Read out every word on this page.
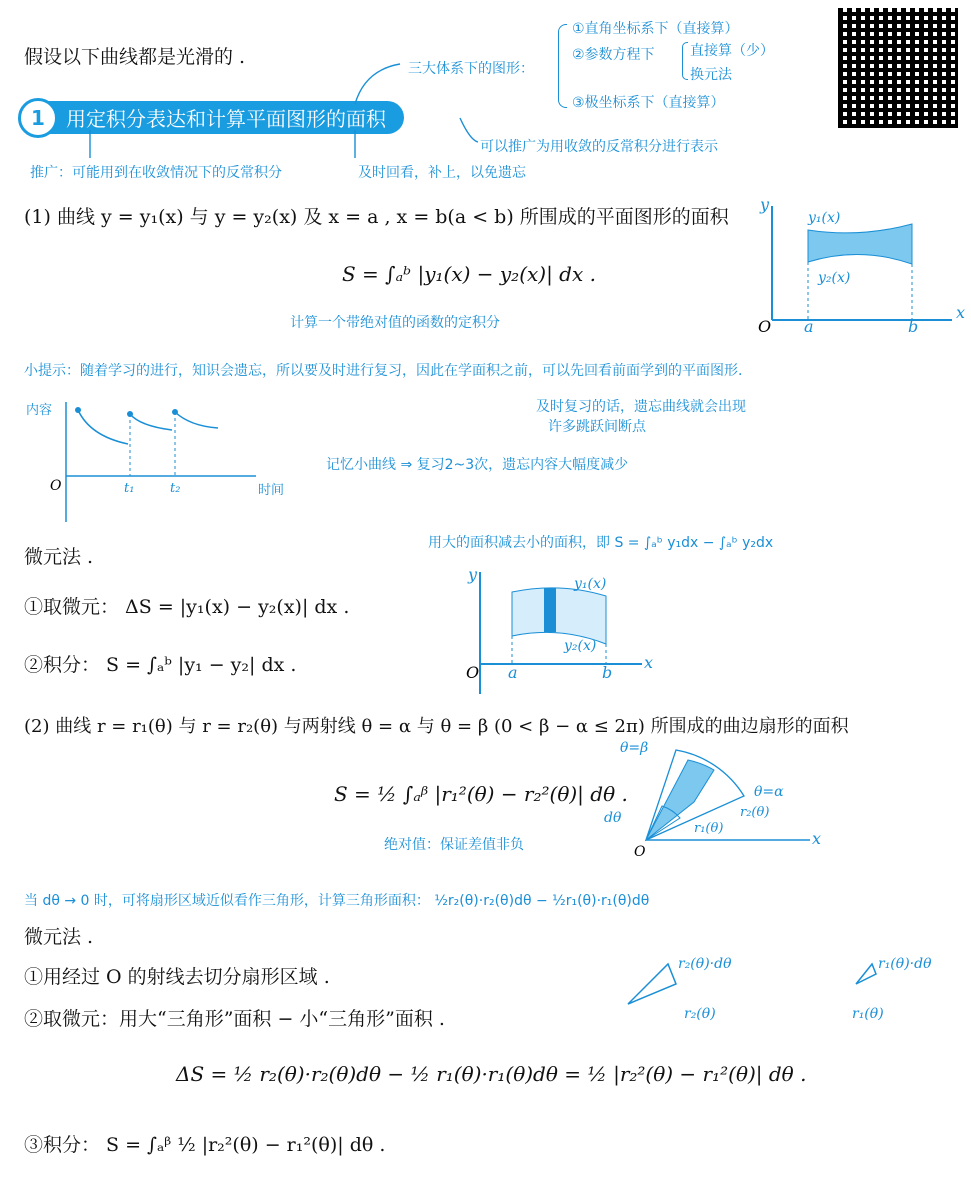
假设以下曲线都是光滑的 .
三大体系下的图形：
①直角坐标系下（直接算）
②参数方程下	直接算（少）
换元法
③极坐标系下（直接算）
用定积分表达和计算平面图形的面积
1
可以推广为用收敛的反常积分进行表示
推广：可能用到在收敛情况下的反常积分	及时回看，补上，以免遗忘
(1) 曲线 y = y₁(x) 与 y = y₂(x) 及 x = a , x = b(a < b) 所围成的平面图形的面积
S = ∫ₐᵇ |y₁(x) − y₂(x)| dx .
计算一个带绝对值的函数的定积分
y
x
O a	b
y₁(x)
y₂(x)
小提示：随着学习的进行，知识会遗忘，所以要及时进行复习，因此在学面积之前，可以先回看前面学到的平面图形.
及时复习的话，遗忘曲线就会出现
许多跳跃间断点
记忆小曲线 ⇒ 复习2~3次，遗忘内容大幅度减少
内容
时间
O	t₁	t₂
微元法 .
用大的面积减去小的面积，即 S = ∫ₐᵇ y₁dx − ∫ₐᵇ y₂dx
①取微元： ΔS = |y₁(x) − y₂(x)| dx .
②积分： S = ∫ₐᵇ |y₁ − y₂| dx .
y
x
O a	b
y₁(x)
y₂(x)
(2) 曲线 r = r₁(θ) 与 r = r₂(θ) 与两射线 θ = α 与 θ = β (0 < β − α ≤ 2π) 所围成的曲边扇形的面积
S = ½ ∫ₐᵝ |r₁²(θ) − r₂²(θ)| dθ .
绝对值：保证差值非负
θ=β
θ=α
r₂(θ)
r₁(θ)
dθ
O
x
当 dθ → 0 时，可将扇形区域近似看作三角形，计算三角形面积： ½r₂(θ)·r₂(θ)dθ − ½r₁(θ)·r₁(θ)dθ
微元法 .
①用经过 O 的射线去切分扇形区域 .
②取微元：用大“三角形”面积 − 小“三角形”面积 .
ΔS = ½ r₂(θ)·r₂(θ)dθ − ½ r₁(θ)·r₁(θ)dθ = ½ |r₂²(θ) − r₁²(θ)| dθ .
③积分： S = ∫ₐᵝ ½ |r₂²(θ) − r₁²(θ)| dθ .
r₂(θ)·dθ
r₂(θ)
r₁(θ)·dθ
r₁(θ)
